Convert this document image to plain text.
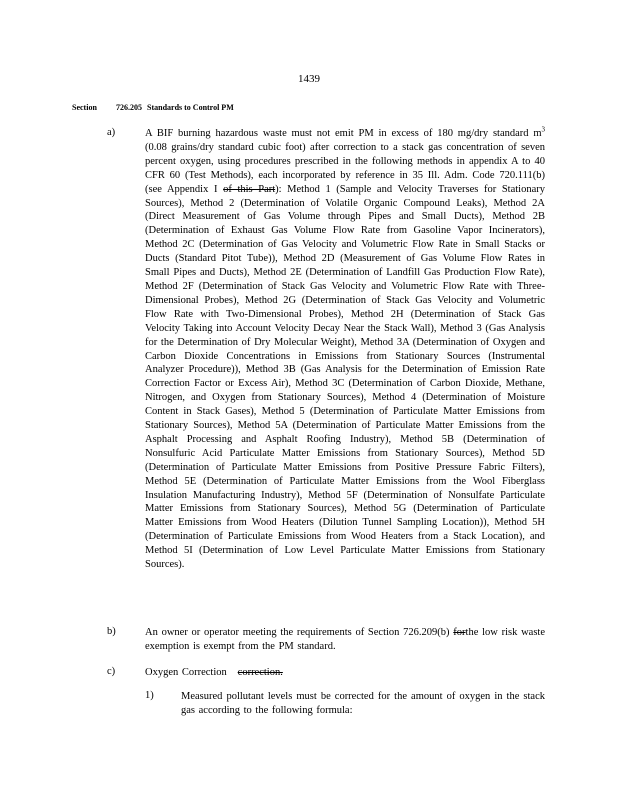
1439
Section 726.205 Standards to Control PM
a)	A BIF burning hazardous waste must not emit PM in excess of 180 mg/dry standard $m^3$ (0.08 grains/dry standard cubic foot) after correction to a stack gas concentration of seven percent oxygen, using procedures prescribed in the following methods in appendix A to 40 CFR 60 (Test Methods), each incorporated by reference in 35 Ill. Adm. Code 720.111(b) (see Appendix I of this Part): Method 1 (Sample and Velocity Traverses for Stationary Sources), Method 2 (Determination of Volatile Organic Compound Leaks), Method 2A (Direct Measurement of Gas Volume through Pipes and Small Ducts), Method 2B (Determination of Exhaust Gas Volume Flow Rate from Gasoline Vapor Incinerators), Method 2C (Determination of Gas Velocity and Volumetric Flow Rate in Small Stacks or Ducts (Standard Pitot Tube)), Method 2D (Measurement of Gas Volume Flow Rates in Small Pipes and Ducts), Method 2E (Determination of Landfill Gas Production Flow Rate), Method 2F (Determination of Stack Gas Velocity and Volumetric Flow Rate with Three-Dimensional Probes), Method 2G (Determination of Stack Gas Velocity and Volumetric Flow Rate with Two-Dimensional Probes), Method 2H (Determination of Stack Gas Velocity Taking into Account Velocity Decay Near the Stack Wall), Method 3 (Gas Analysis for the Determination of Dry Molecular Weight), Method 3A (Determination of Oxygen and Carbon Dioxide Concentrations in Emissions from Stationary Sources (Instrumental Analyzer Procedure)), Method 3B (Gas Analysis for the Determination of Emission Rate Correction Factor or Excess Air), Method 3C (Determination of Carbon Dioxide, Methane, Nitrogen, and Oxygen from Stationary Sources), Method 4 (Determination of Moisture Content in Stack Gases), Method 5 (Determination of Particulate Matter Emissions from Stationary Sources), Method 5A (Determination of Particulate Matter Emissions from the Asphalt Processing and Asphalt Roofing Industry), Method 5B (Determination of Nonsulfuric Acid Particulate Matter Emissions from Stationary Sources), Method 5D (Determination of Particulate Matter Emissions from Positive Pressure Fabric Filters), Method 5E (Determination of Particulate Matter Emissions from the Wool Fiberglass Insulation Manufacturing Industry), Method 5F (Determination of Nonsulfate Particulate Matter Emissions from Stationary Sources), Method 5G (Determination of Particulate Matter Emissions from Wood Heaters (Dilution Tunnel Sampling Location)), Method 5H (Determination of Particulate Emissions from Wood Heaters from a Stack Location), and Method 5I (Determination of Low Level Particulate Matter Emissions from Stationary Sources).
b)	An owner or operator meeting the requirements of Section 726.209(b) forthe low risk waste exemption is exempt from the PM standard.
c)	Oxygen Correction correction.
1)	Measured pollutant levels must be corrected for the amount of oxygen in the stack gas according to the following formula:
